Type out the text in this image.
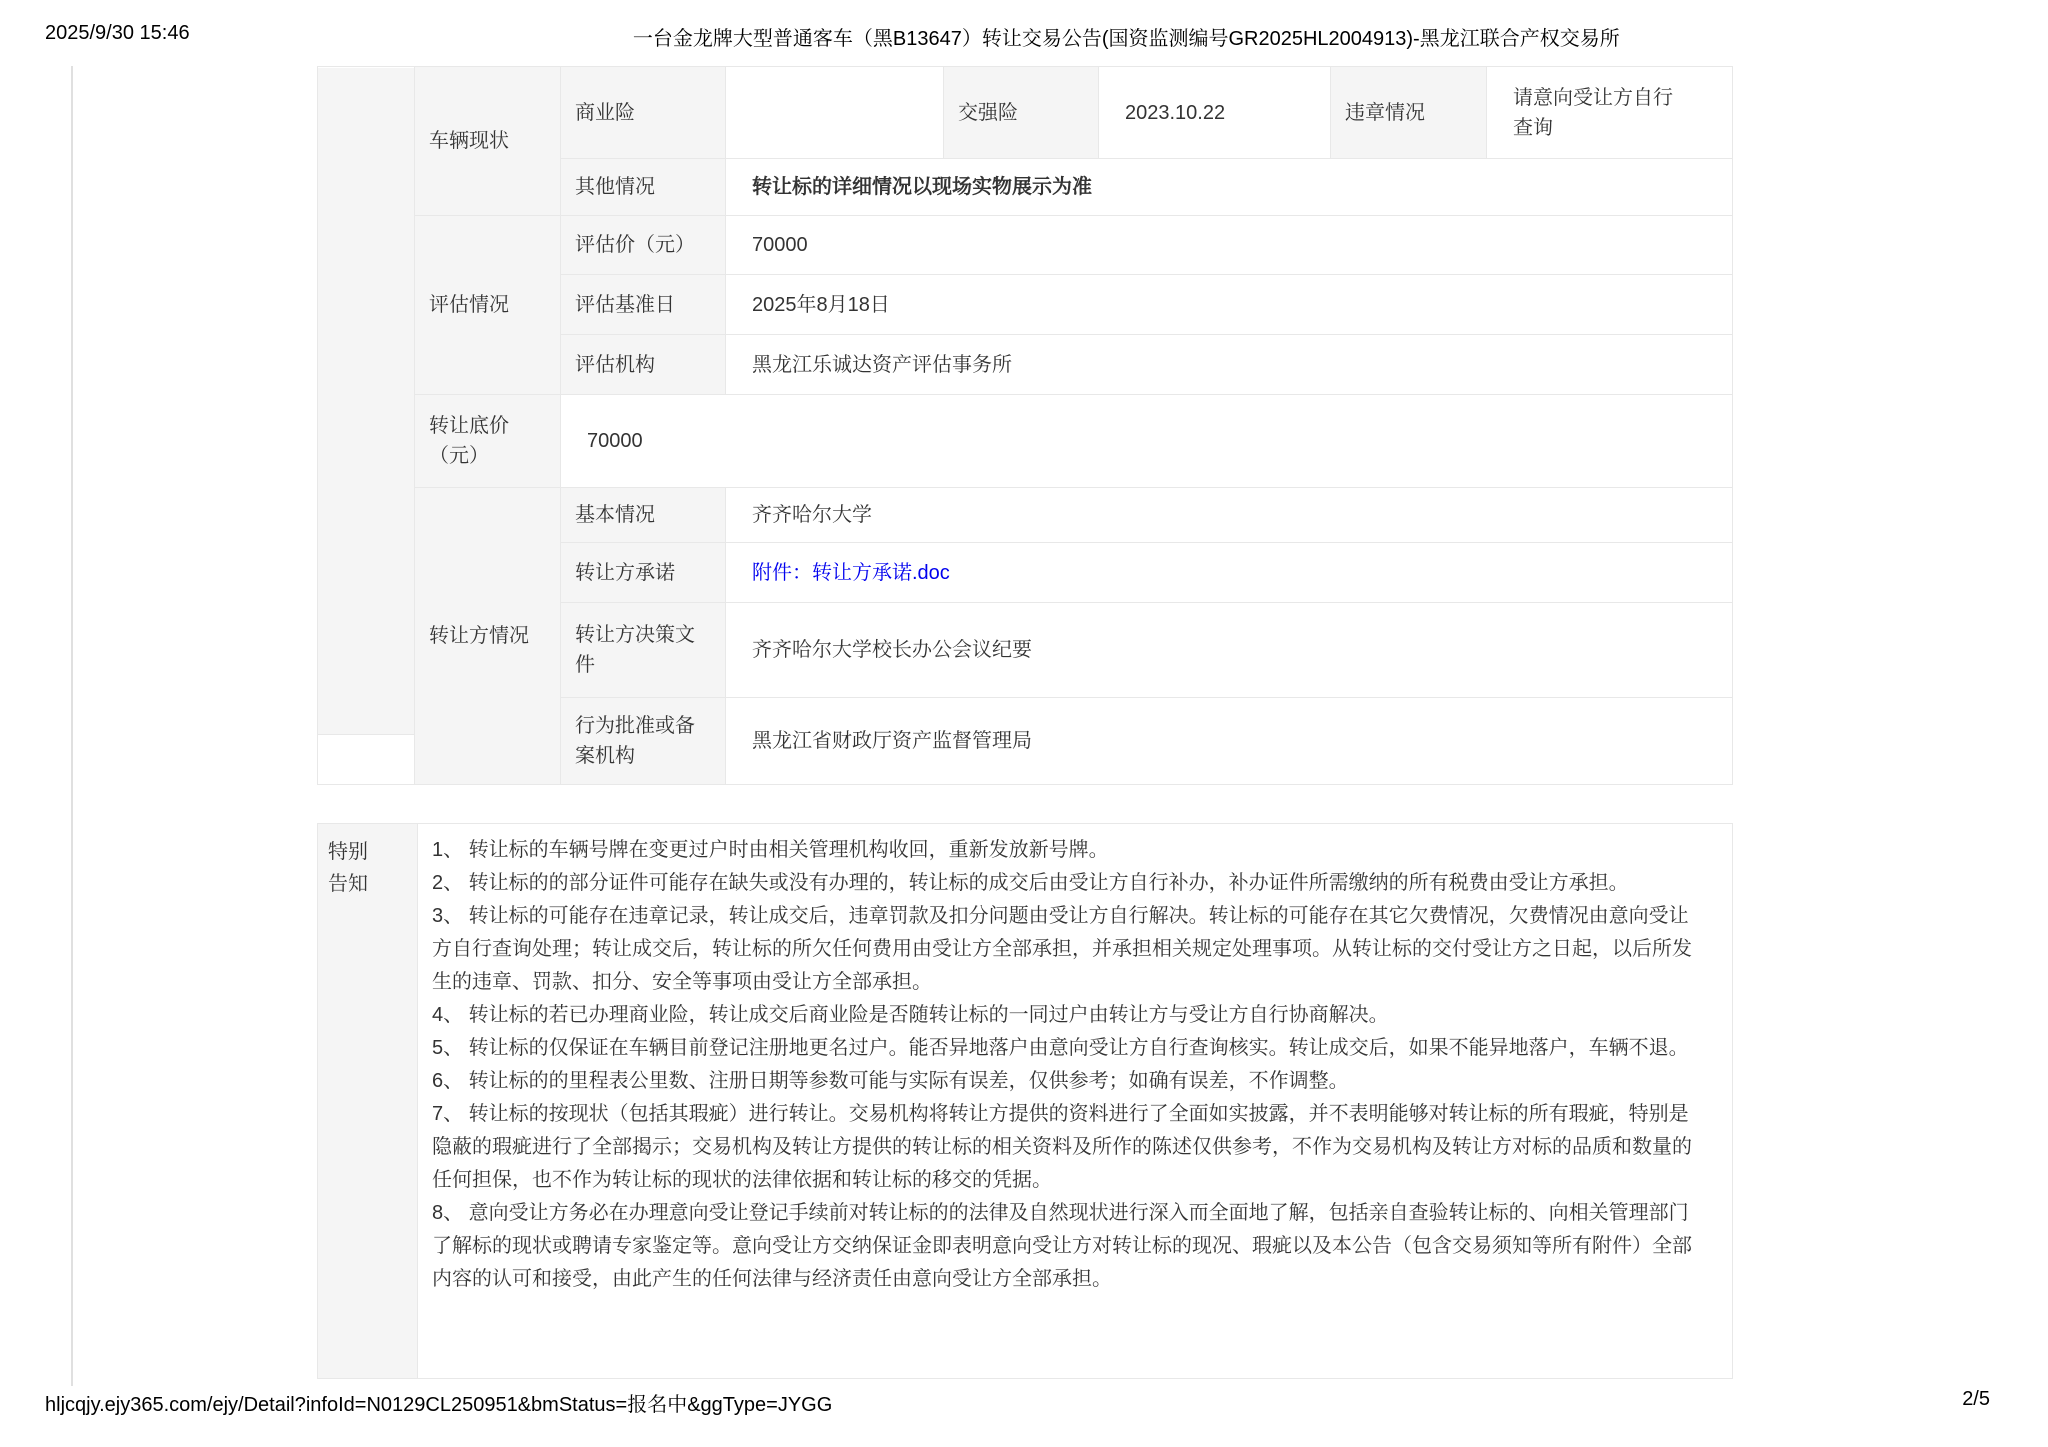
2025/9/30 15:46	一台金龙牌大型普通客车（黑B13647）转让交易公告(国资监测编号GR2025HL2004913)-黑龙江联合产权交易所
	车辆现状	商业险		交强险	2023.10.22	违章情况	请意向受让方自行查询
		其他情况	转让标的详细情况以现场实物展示为准				
	评估情况	评估价（元）	70000				
		评估基准日	2025年8月18日				
		评估机构	黑龙江乐诚达资产评估事务所				
	转让底价（元）	70000					
	转让方情况	基本情况	齐齐哈尔大学				
		转让方承诺	附件：转让方承诺.doc				
		转让方决策文件	齐齐哈尔大学校长办公会议纪要				
		行为批准或备案机构	黑龙江省财政厅资产监督管理局				
特别告知

1、 转让标的车辆号牌在变更过户时由相关管理机构收回，重新发放新号牌。

2、 转让标的的部分证件可能存在缺失或没有办理的，转让标的成交后由受让方自行补办，补办证件所需缴纳的所有税费由受让方承担。

3、 转让标的可能存在违章记录，转让成交后，违章罚款及扣分问题由受让方自行解决。转让标的可能存在其它欠费情况，欠费情况由意向受让方自行查询处理；转让成交后，转让标的所欠任何费用由受让方全部承担，并承担相关规定处理事项。从转让标的交付受让方之日起，以后所发生的违章、罚款、扣分、安全等事项由受让方全部承担。

4、 转让标的若已办理商业险，转让成交后商业险是否随转让标的一同过户由转让方与受让方自行协商解决。

5、 转让标的仅保证在车辆目前登记注册地更名过户。能否异地落户由意向受让方自行查询核实。转让成交后，如果不能异地落户，车辆不退。

6、 转让标的的里程表公里数、注册日期等参数可能与实际有误差，仅供参考；如确有误差，不作调整。

7、 转让标的按现状（包括其瑕疵）进行转让。交易机构将转让方提供的资料进行了全面如实披露，并不表明能够对转让标的所有瑕疵，特别是隐蔽的瑕疵进行了全部揭示；交易机构及转让方提供的转让标的相关资料及所作的陈述仅供参考，不作为交易机构及转让方对标的品质和数量的任何担保，也不作为转让标的现状的法律依据和转让标的移交的凭据。

8、 意向受让方务必在办理意向受让登记手续前对转让标的的法律及自然现状进行深入而全面地了解，包括亲自查验转让标的、向相关管理部门了解标的现状或聘请专家鉴定等。意向受让方交纳保证金即表明意向受让方对转让标的现况、瑕疵以及本公告（包含交易须知等所有附件）全部内容的认可和接受，由此产生的任何法律与经济责任由意向受让方全部承担。

hljcqjy.ejy365.com/ejy/Detail?infoId=N0129CL250951&bmStatus=报名中&ggType=JYGG	2/5
